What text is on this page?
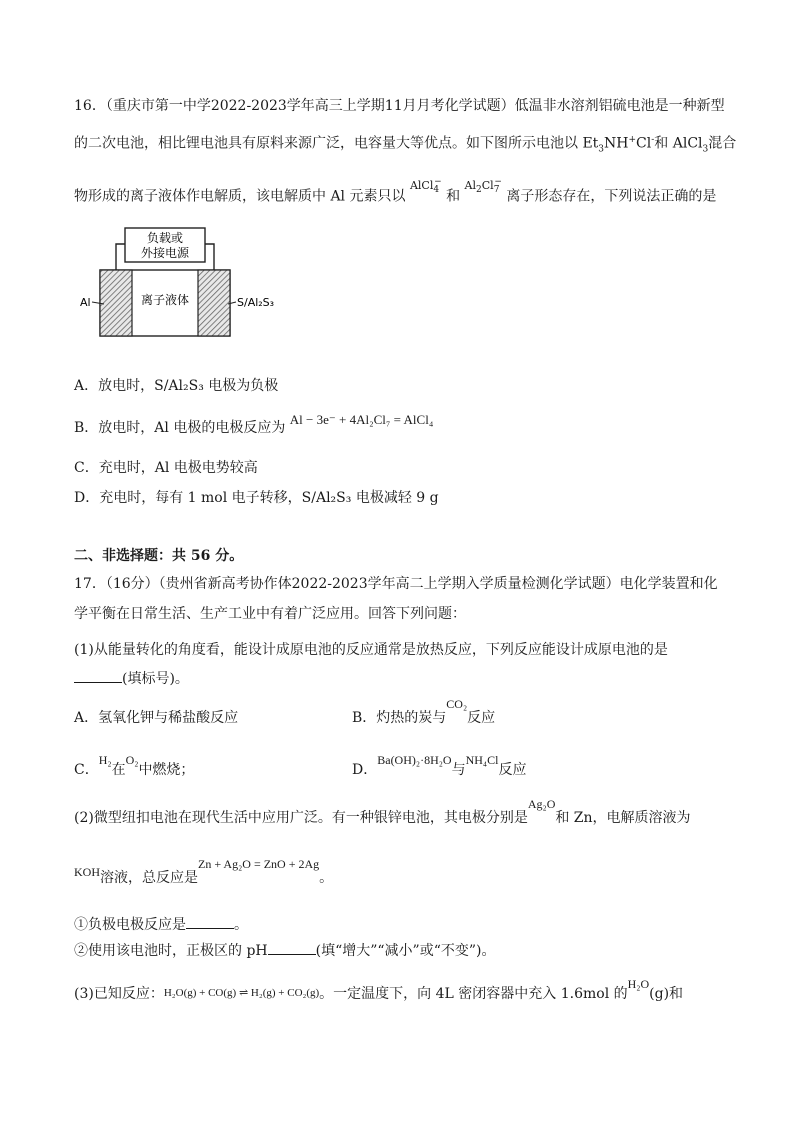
16．（重庆市第一中学2022-2023学年高三上学期11月月考化学试题）低温非水溶剂铝硫电池是一种新型
的二次电池，相比锂电池具有原料来源广泛，电容量大等优点。如下图所示电池以 $Et_3NH^+Cl^-$和 AlCl$_3$混合
物形成的离子液体作电解质，该电解质中 Al 元素只以 $^{AlCl_4^-}$ 和 $^{Al_2Cl_7^-}$ 离子形态存在，下列说法正确的是
负载或
外接电源
离子液体
Al	S/Al₂S₃
A．放电时，S/Al₂S₃ 电极为负极
B．放电时，Al 电极的电极反应为 Al − 3e⁻ + 4Al₂Cl₇ = AlCl₄
C．充电时，Al 电极电势较高
D．充电时，每有 1 mol 电子转移，S/Al₂S₃ 电极减轻 9 g
二、非选择题：共 56 分。
17．（16分）（贵州省新高考协作体2022-2023学年高二上学期入学质量检测化学试题）电化学装置和化
学平衡在日常生活、生产工业中有着广泛应用。回答下列问题：
(1)从能量转化的角度看，能设计成原电池的反应通常是放热反应，下列反应能设计成原电池的是
(填标号)。
A．氢氧化钾与稀盐酸反应	B．灼热的炭与CO₂反应
C．H₂在O₂中燃烧；	D．Ba(OH)₂·8H₂O与NH₄Cl反应
(2)微型纽扣电池在现代生活中应用广泛。有一种银锌电池，其电极分别是Ag₂O和 Zn，电解质溶液为
KOH溶液，总反应是Zn + Ag₂O = ZnO + 2Ag。
①负极电极反应是	。
②使用该电池时，正极区的 pH	(填“增大”“减小”或“不变”)。
(3)已知反应：H₂O(g) + CO(g) ⇌ H₂(g) + CO₂(g)。一定温度下，向 4L 密闭容器中充入 1.6mol 的H₂O(g)和
